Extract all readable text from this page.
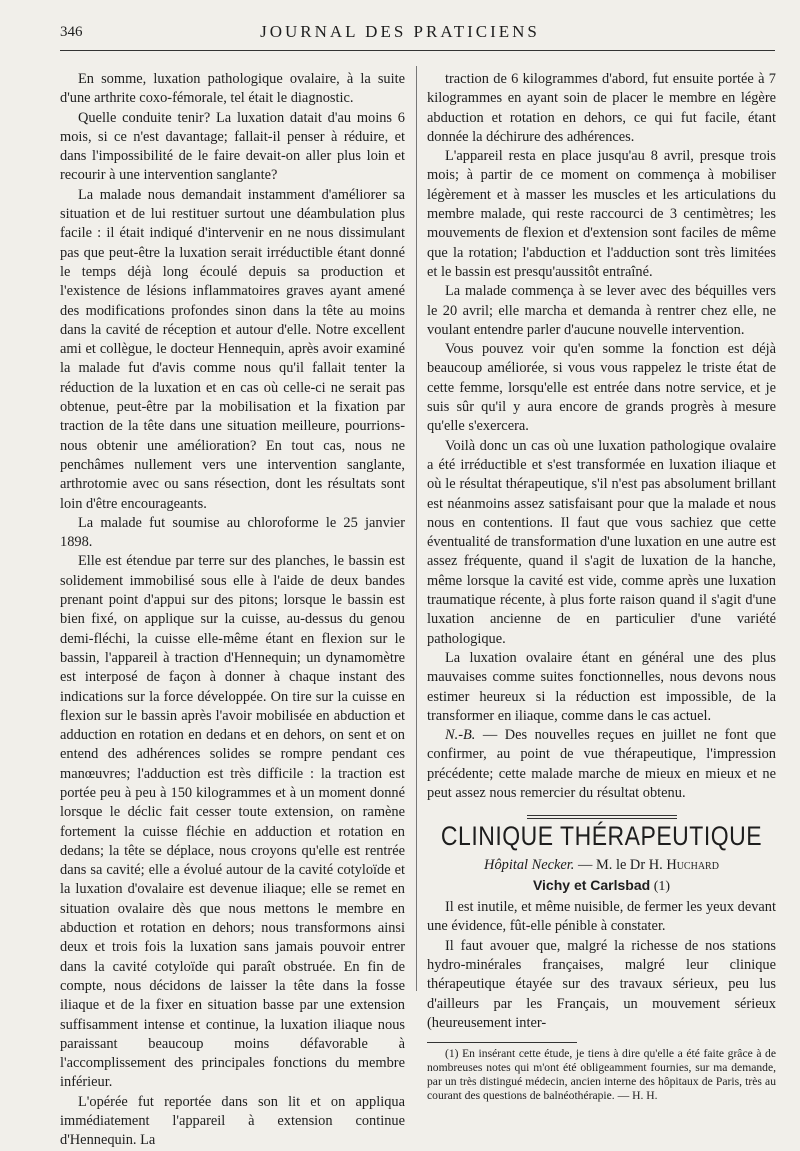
346	JOURNAL DES PRATICIENS

En somme, luxation pathologique ovalaire, à la suite d'une arthrite coxo-fémorale, tel était le diagnostic.

Quelle conduite tenir? La luxation datait d'au moins 6 mois, si ce n'est davantage; fallait-il penser à réduire, et dans l'impossibilité de le faire devait-on aller plus loin et recourir à une intervention sanglante?

La malade nous demandait instamment d'améliorer sa situation et de lui restituer surtout une déambulation plus facile : il était indiqué d'intervenir en ne nous dissimulant pas que peut-être la luxation serait irréductible étant donné le temps déjà long écoulé depuis sa production et l'existence de lésions inflammatoires graves ayant amené des modifications profondes sinon dans la tête au moins dans la cavité de réception et autour d'elle. Notre excellent ami et collègue, le docteur Hennequin, après avoir examiné la malade fut d'avis comme nous qu'il fallait tenter la réduction de la luxation et en cas où celle-ci ne serait pas obtenue, peut-être par la mobilisation et la fixation par traction de la tête dans une situation meilleure, pourrions-nous obtenir une amélioration? En tout cas, nous ne penchâmes nullement vers une intervention sanglante, arthrotomie avec ou sans résection, dont les résultats sont loin d'être encourageants.

La malade fut soumise au chloroforme le 25 janvier 1898.

Elle est étendue par terre sur des planches, le bassin est solidement immobilisé sous elle à l'aide de deux bandes prenant point d'appui sur des pitons; lorsque le bassin est bien fixé, on applique sur la cuisse, au-dessus du genou demi-fléchi, la cuisse elle-même étant en flexion sur le bassin, l'appareil à traction d'Hennequin; un dynamomètre est interposé de façon à donner à chaque instant des indications sur la force développée. On tire sur la cuisse en flexion sur le bassin après l'avoir mobilisée en abduction et adduction en rotation en dedans et en dehors, on sent et on entend des adhérences solides se rompre pendant ces manœuvres; l'adduction est très difficile : la traction est portée peu à peu à 150 kilogrammes et à un moment donné lorsque le déclic fait cesser toute extension, on ramène fortement la cuisse fléchie en adduction et rotation en dedans; la tête se déplace, nous croyons qu'elle est rentrée dans sa cavité; elle a évolué autour de la cavité cotyloïde et la luxation d'ovalaire est devenue iliaque; elle se remet en situation ovalaire dès que nous mettons le membre en abduction et rotation en dehors; nous transformons ainsi deux et trois fois la luxation sans jamais pouvoir entrer dans la cavité cotyloïde qui paraît obstruée. En fin de compte, nous décidons de laisser la tête dans la fosse iliaque et de la fixer en situation basse par une extension suffisamment intense et continue, la luxation iliaque nous paraissant beaucoup moins défavorable à l'accomplissement des principales fonctions du membre inférieur.

L'opérée fut reportée dans son lit et on appliqua immédiatement l'appareil à extension continue d'Hennequin. La

traction de 6 kilogrammes d'abord, fut ensuite portée à 7 kilogrammes en ayant soin de placer le membre en légère abduction et rotation en dehors, ce qui fut facile, étant donnée la déchirure des adhérences.

L'appareil resta en place jusqu'au 8 avril, presque trois mois; à partir de ce moment on commença à mobiliser légèrement et à masser les muscles et les articulations du membre malade, qui reste raccourci de 3 centimètres; les mouvements de flexion et d'extension sont faciles de même que la rotation; l'abduction et l'adduction sont très limitées et le bassin est presqu'aussitôt entraîné.

La malade commença à se lever avec des béquilles vers le 20 avril; elle marcha et demanda à rentrer chez elle, ne voulant entendre parler d'aucune nouvelle intervention.

Vous pouvez voir qu'en somme la fonction est déjà beaucoup améliorée, si vous vous rappelez le triste état de cette femme, lorsqu'elle est entrée dans notre service, et je suis sûr qu'il y aura encore de grands progrès à mesure qu'elle s'exercera.

Voilà donc un cas où une luxation pathologique ovalaire a été irréductible et s'est transformée en luxation iliaque et où le résultat thérapeutique, s'il n'est pas absolument brillant est néanmoins assez satisfaisant pour que la malade et nous nous en contentions. Il faut que vous sachiez que cette éventualité de transformation d'une luxation en une autre est assez fréquente, quand il s'agit de luxation de la hanche, même lorsque la cavité est vide, comme après une luxation traumatique récente, à plus forte raison quand il s'agit d'une luxation ancienne de en particulier d'une variété pathologique.

La luxation ovalaire étant en général une des plus mauvaises comme suites fonctionnelles, nous devons nous estimer heureux si la réduction est impossible, de la transformer en iliaque, comme dans le cas actuel.

N.-B. — Des nouvelles reçues en juillet ne font que confirmer, au point de vue thérapeutique, l'impression précédente; cette malade marche de mieux en mieux et ne peut assez nous remercier du résultat obtenu.

CLINIQUE THÉRAPEUTIQUE
Hôpital Necker. — M. le Dr H. Huchard
Vichy et Carlsbad (1)

Il est inutile, et même nuisible, de fermer les yeux devant une évidence, fût-elle pénible à constater.

Il faut avouer que, malgré la richesse de nos stations hydro-minérales françaises, malgré leur clinique thérapeutique étayée sur des travaux sérieux, peu lus d'ailleurs par les Français, un mouvement sérieux (heureusement inter-

(1) En insérant cette étude, je tiens à dire qu'elle a été faite grâce à de nombreuses notes qui m'ont été obligeamment fournies, sur ma demande, par un très distingué médecin, ancien interne des hôpitaux de Paris, très au courant des questions de balnéothérapie. — H. H.
